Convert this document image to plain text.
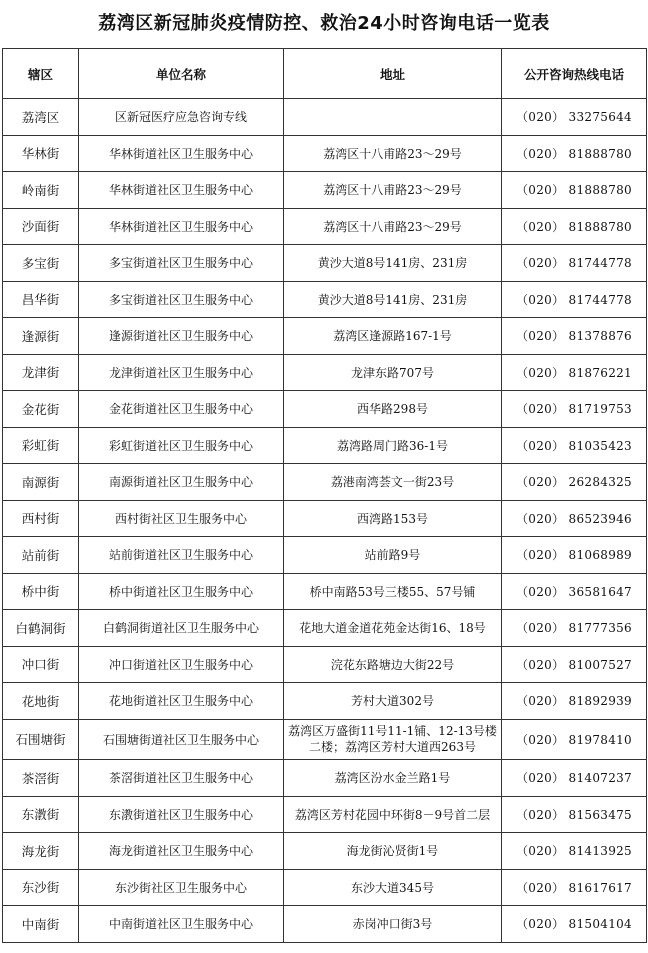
荔湾区新冠肺炎疫情防控、救治24小时咨询电话一览表
辖区	单位名称	地址	公开咨询热线电话
荔湾区	区新冠医疗应急咨询专线		（020） 33275644
华林街	华林街道社区卫生服务中心	荔湾区十八甫路23～29号	（020） 81888780
岭南街	华林街道社区卫生服务中心	荔湾区十八甫路23～29号	（020） 81888780
沙面街	华林街道社区卫生服务中心	荔湾区十八甫路23～29号	（020） 81888780
多宝街	多宝街道社区卫生服务中心	黄沙大道8号141房、231房	（020） 81744778
昌华街	多宝街道社区卫生服务中心	黄沙大道8号141房、231房	（020） 81744778
逢源街	逢源街道社区卫生服务中心	荔湾区逢源路167-1号	（020） 81378876
龙津街	龙津街道社区卫生服务中心	龙津东路707号	（020） 81876221
金花街	金花街道社区卫生服务中心	西华路298号	（020） 81719753
彩虹街	彩虹街道社区卫生服务中心	荔湾路周门路36-1号	（020） 81035423
南源街	南源街道社区卫生服务中心	荔港南湾荟文一街23号	（020） 26284325
西村街	西村街社区卫生服务中心	西湾路153号	（020） 86523946
站前街	站前街道社区卫生服务中心	站前路9号	（020） 81068989
桥中街	桥中街道社区卫生服务中心	桥中南路53号三楼55、57号铺	（020） 36581647
白鹤洞街	白鹤洞街道社区卫生服务中心	花地大道金道花苑金达街16、18号	（020） 81777356
冲口街	冲口街道社区卫生服务中心	浣花东路塘边大街22号	（020） 81007527
花地街	花地街道社区卫生服务中心	芳村大道302号	（020） 81892939
石围塘街	石围塘街道社区卫生服务中心	荔湾区万盛街11号11-1铺、12-13号楼二楼；荔湾区芳村大道西263号	（020） 81978410
茶滘街	茶滘街道社区卫生服务中心	荔湾区汾水金兰路1号	（020） 81407237
东漖街	东漖街道社区卫生服务中心	荔湾区芳村花园中环街8－9号首二层	（020） 81563475
海龙街	海龙街道社区卫生服务中心	海龙街沁贤街1号	（020） 81413925
东沙街	东沙街社区卫生服务中心	东沙大道345号	（020） 81617617
中南街	中南街道社区卫生服务中心	赤岗冲口街3号	（020） 81504104
